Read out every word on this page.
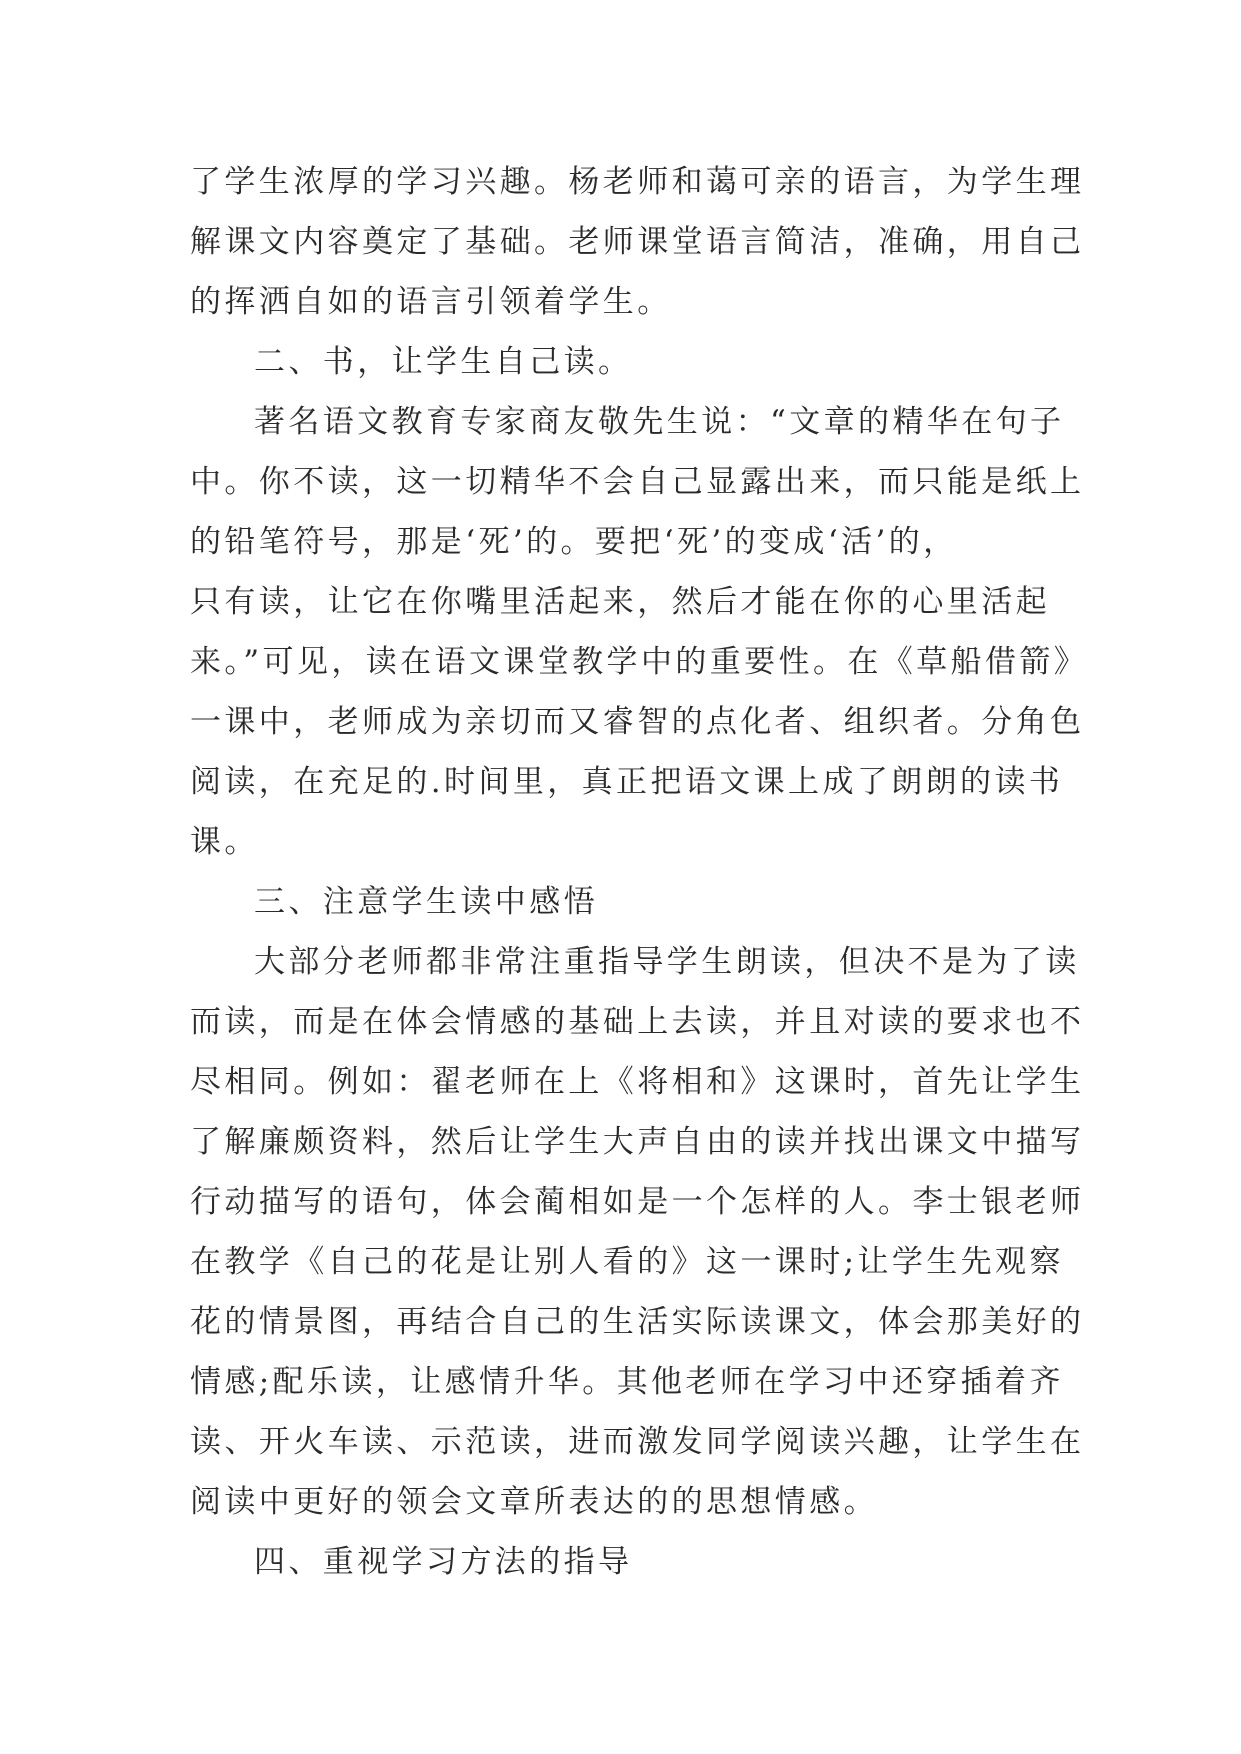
了学生浓厚的学习兴趣。杨老师和蔼可亲的语言，为学生理
解课文内容奠定了基础。老师课堂语言简洁，准确，用自己
的挥洒自如的语言引领着学生。
二、书，让学生自己读。
著名语文教育专家商友敬先生说：“文章的精华在句子
中。你不读，这一切精华不会自己显露出来，而只能是纸上
的铅笔符号，那是‘死’的。要把‘死’的变成‘活’的，
只有读，让它在你嘴里活起来，然后才能在你的心里活起
来。”可见，读在语文课堂教学中的重要性。在《草船借箭》
一课中，老师成为亲切而又睿智的点化者、组织者。分角色
阅读，在充足的.时间里，真正把语文课上成了朗朗的读书
课。
三、注意学生读中感悟
大部分老师都非常注重指导学生朗读，但决不是为了读
而读，而是在体会情感的基础上去读，并且对读的要求也不
尽相同。例如：翟老师在上《将相和》这课时，首先让学生
了解廉颇资料，然后让学生大声自由的读并找出课文中描写
行动描写的语句，体会蔺相如是一个怎样的人。李士银老师
在教学《自己的花是让别人看的》这一课时;让学生先观察
花的情景图，再结合自己的生活实际读课文，体会那美好的
情感;配乐读，让感情升华。其他老师在学习中还穿插着齐
读、开火车读、示范读，进而激发同学阅读兴趣，让学生在
阅读中更好的领会文章所表达的的思想情感。
四、重视学习方法的指导
